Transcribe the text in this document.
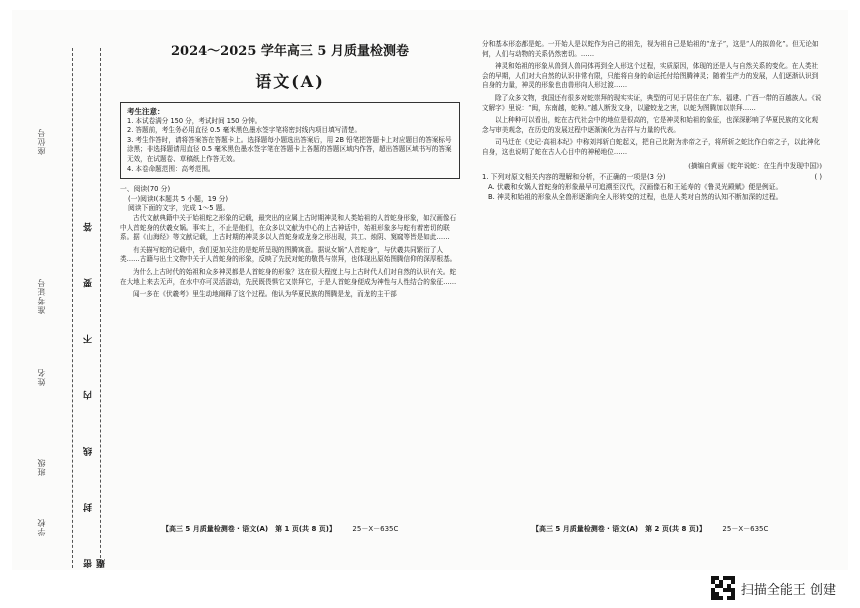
座位号
准考证号
姓名
班级
学校	密 封 线 内 不 要 答 题
2024～2025 学年高三 5 月质量检测卷
语文(A)
考生注意：

1. 本试卷满分 150 分，考试时间 150 分钟。

2. 答题前，考生务必用直径 0.5 毫米黑色墨水签字笔将密封线内项目填写清楚。

3. 考生作答时，请将答案答在答题卡上。选择题每小题选出答案后，用 2B 铅笔把答题卡上对应题目的答案标号涂黑；非选择题请用直径 0.5 毫米黑色墨水签字笔在答题卡上各题的答题区域内作答，超出答题区域书写的答案无效，在试题卷、草稿纸上作答无效。

4. 本卷命题范围：高考范围。

一、阅读(70 分)

(一)阅读Ⅰ(本题共 5 小题，19 分)

阅读下面的文字，完成 1～5 题。

古代文献典籍中关于始祖蛇之形象的记载，最突出的应属上古时期神灵和人类始祖的人首蛇身形象，如汉画像石中人首蛇身的伏羲女娲。事实上，不止是他们，在众多以文献为中心的上古神话中，始祖形象多与蛇有着密切的联系。据《山海经》等文献记载，上古时期的神灵多以人首蛇身或龙身之形出现，共工、烛阴、窫窳等皆是如此……

有关描写蛇的记载中，我们更加关注的是蛇所呈现的图腾寓意。据说女娲“人首蛇身”，与伏羲共同繁衍了人类……古籍与出土文物中关于人首蛇身的形象，反映了先民对蛇的敬畏与崇拜，也体现出原始图腾信仰的深厚根基。

为什么上古时代的始祖和众多神灵都是人首蛇身的形象？这在很大程度上与上古时代人们对自然的认识有关。蛇在大地上来去无声，在水中亦可灵活游动，先民既畏惧它又崇拜它，于是人首蛇身便成为神性与人性结合的象征……

闻一多在《伏羲考》里生动地阐释了这个过程。他认为华夏民族的图腾是龙，而龙的主干部

分和基本形态都是蛇。一开始人是以蛇作为自己的祖先，视为祖自己是始祖的“龙子”，这是“人的拟兽化”。但无论如何，人们与动物的关系仍然密切。……

神灵和始祖的形象从兽到人兽同体再到全人形这个过程，实质原因，体现的还是人与自然关系的变化。在人类社会的早期，人们对大自然的认识非常有限，只能将自身的命运托付给图腾神灵；随着生产力的发展，人们逐渐认识到自身的力量，神灵的形象也由兽形向人形过渡……

除了众多文物，我国还有很多对蛇崇拜的现实实证，典型的可见于居住在广东、福建、广西一带的百越族人。《说文解字》里说：“闽，东南越，蛇种。”越人断发文身，以避蛟龙之害，以蛇为图腾加以崇拜……

以上种种可以看出，蛇在古代社会中的地位是很高的，它是神灵和始祖的象征，也深深影响了华夏民族的文化观念与审美观念，在历史的发展过程中逐渐演化为吉祥与力量的代表。

司马迁在《史记·高祖本纪》中称刘邦斩白蛇起义，把自己比附为赤帝之子，将所斩之蛇比作白帝之子，以此神化自身，这也说明了蛇在古人心目中的神秘地位……

(摘编自黄丽《蛇年说蛇：在生肖中发现中国》)

1. 下列对原文相关内容的理解和分析，不正确的一项是(3 分)	( )

A. 伏羲和女娲人首蛇身的形象最早可追溯至汉代，汉画像石和王延寿的《鲁灵光殿赋》便是例证。

B. 神灵和始祖的形象从全兽形逐渐向全人形转变的过程，也是人类对自然的认知不断加深的过程。

【高三 5 月质量检测卷 · 语文(A)　第 1 页(共 8 页)】 25－X－635C	【高三 5 月质量检测卷 · 语文(A)　第 2 页(共 8 页)】 25－X－635C
扫描全能王 创建
